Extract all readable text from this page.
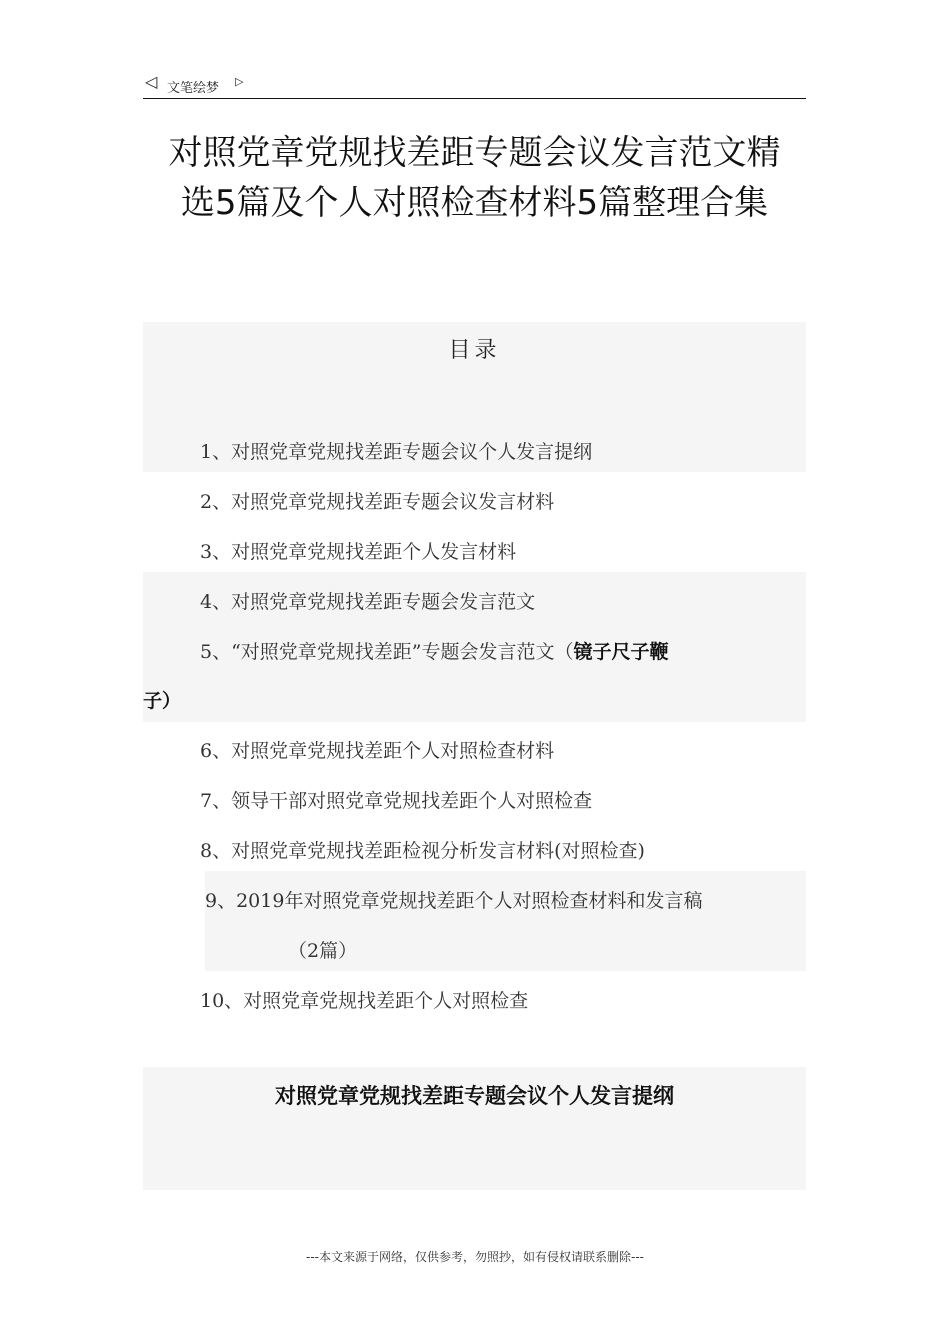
◁ 文笔绘梦 ▷
对照党章党规找差距专题会议发言范文精
选5篇及个人对照检查材料5篇整理合集
目录
1、对照党章党规找差距专题会议个人发言提纲
2、对照党章党规找差距专题会议发言材料
3、对照党章党规找差距个人发言材料
4、对照党章党规找差距专题会发言范文
5、“对照党章党规找差距”专题会发言范文（镜子尺子鞭
子）
6、对照党章党规找差距个人对照检查材料
7、领导干部对照党章党规找差距个人对照检查
8、对照党章党规找差距检视分析发言材料(对照检查)
9、2019年对照党章党规找差距个人对照检查材料和发言稿
（2篇）
10、对照党章党规找差距个人对照检查
对照党章党规找差距专题会议个人发言提纲
---本文来源于网络，仅供参考，勿照抄，如有侵权请联系删除---
